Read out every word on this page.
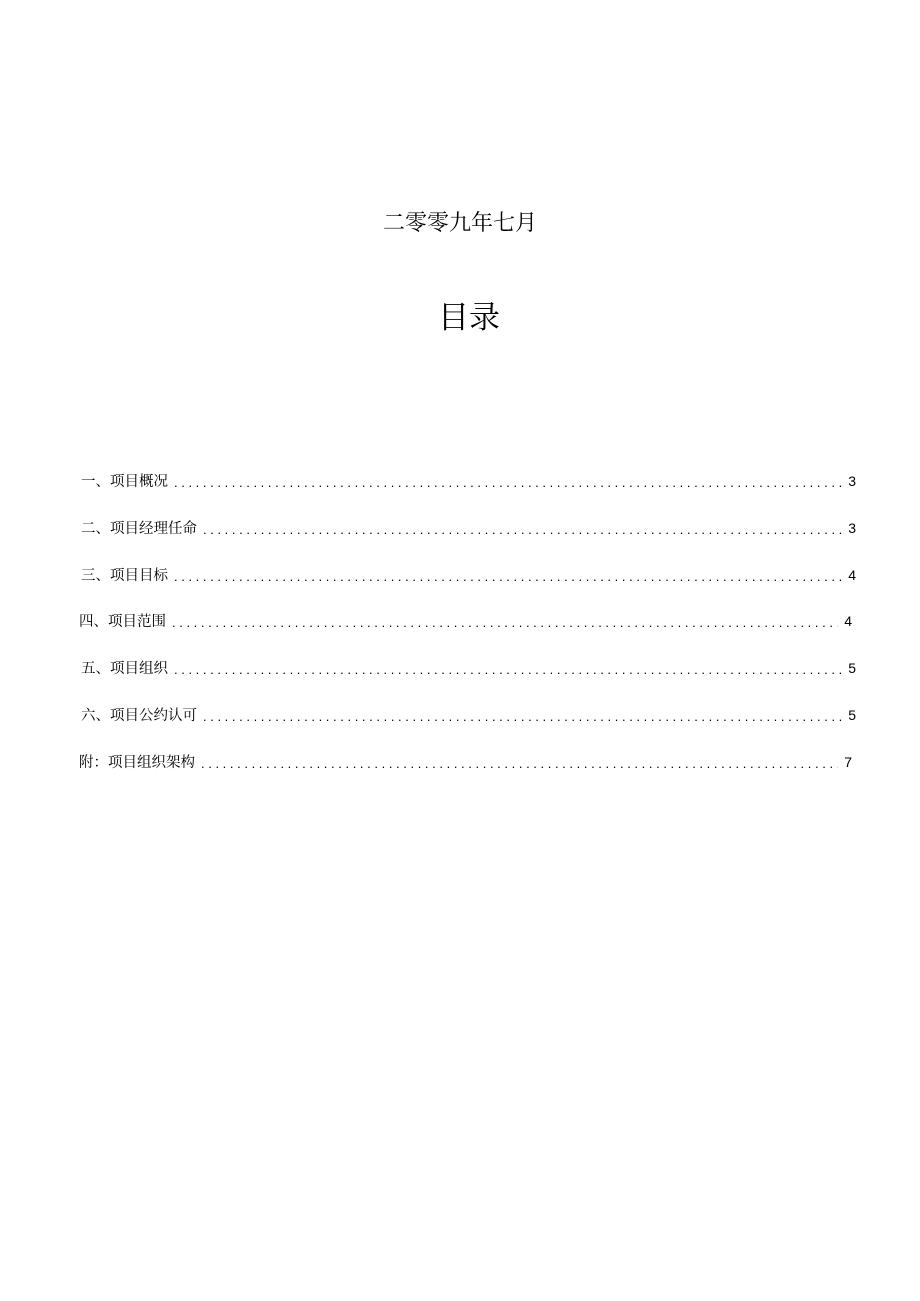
二零零九年七月
目录
一、项目概况 . . .	3
二、项目经理任命 . . .	3
三、项目目标 . . .	4
四、项目范围 . . .	4
五、项目组织 . . .	5
六、项目公约认可 . . .	5
附：项目组织架构 . . .	7
